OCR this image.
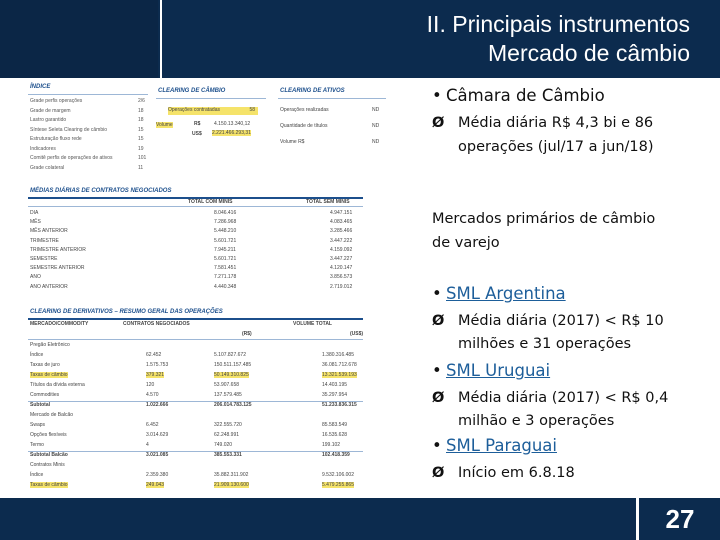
II. Principais instrumentos
Mercado de câmbio
ÍNDICE
Grade perfis operações	2/6
Grade de margem	18
Lastro garantido	18
Síntese Seleta Clearing de câmbio	15
Estruturação fluxo rede	15
Indicadores	19
Comitê perfis de operações de ativos	101
Grade colateral	11
CLEARING DE CÂMBIO
Operações contratadas	58
Volume	R$	4.150.13.340,12
US$ 2.221.466.293,31
CLEARING DE ATIVOS
Operações realizadas	ND
Quantidade de títulos	ND
Volume R$	ND
MÉDIAS DIÁRIAS DE CONTRATOS NEGOCIADOS
TOTAL COM MINIS	TOTAL SEM MINIS
DIA	8.046.416	4.947.151
MÊS	7.286.968	4.083.465
MÊS ANTERIOR	5.448.210	3.285.466
TRIMESTRE	5.601.721	3.447.222
TRIMESTRE ANTERIOR	7.945.211	4.159.092
SEMESTRE	5.601.721	3.447.227
SEMESTRE ANTERIOR	7.581.451	4.120.147
ANO	7.271.178	3.856.573
ANO ANTERIOR	4.440.348	2.719.012
CLEARING DE DERIVATIVOS – RESUMO GERAL DAS OPERAÇÕES
MERCADO/COMMODITY	CONTRATOS NEGOCIADOS	VOLUME TOTAL
(R$)	(US$)
Pregão Eletrônico
Índice	62.452	5.107.827.672	1.380.316.485
Taxas de juro	1.575.753	150.511.157.485	36.081.712.678
Taxas de câmbio	379.321	50.149.310.825	13.321.539.193
Títulos da dívida externa	120	53.907.658	14.403.195
Commodities	4.570	137.579.485	35.297.954
Subtotal	1.022.666	206.014.783.125	51.233.836.315
Mercado de Balcão
Swaps	6.452	322.555.720	85.583.549
Opções flexíveis	3.014.629	62.248.991	16.535.628
Termo	4	749.020	199.102
Subtotal Balcão	3.021.085	385.553.331	102.418.359
Contratos Minis
Índice	2.359.380	35.882.311.902	9.532.106.002
Taxas de câmbio	249.043	21.909.130.600	5.479.255.865
• Câmara de Câmbio
Ø Média diária R$ 4,3 bi e 86
operações (jul/17 a jun/18)
Mercados primários de câmbio
de varejo
• SML Argentina
Ø Média diária (2017) < R$ 10
milhões e 31 operações
• SML Uruguai
Ø Média diária (2017) < R$ 0,4
milhão e 3 operações
• SML Paraguai
Ø Início em 6.8.18
27
